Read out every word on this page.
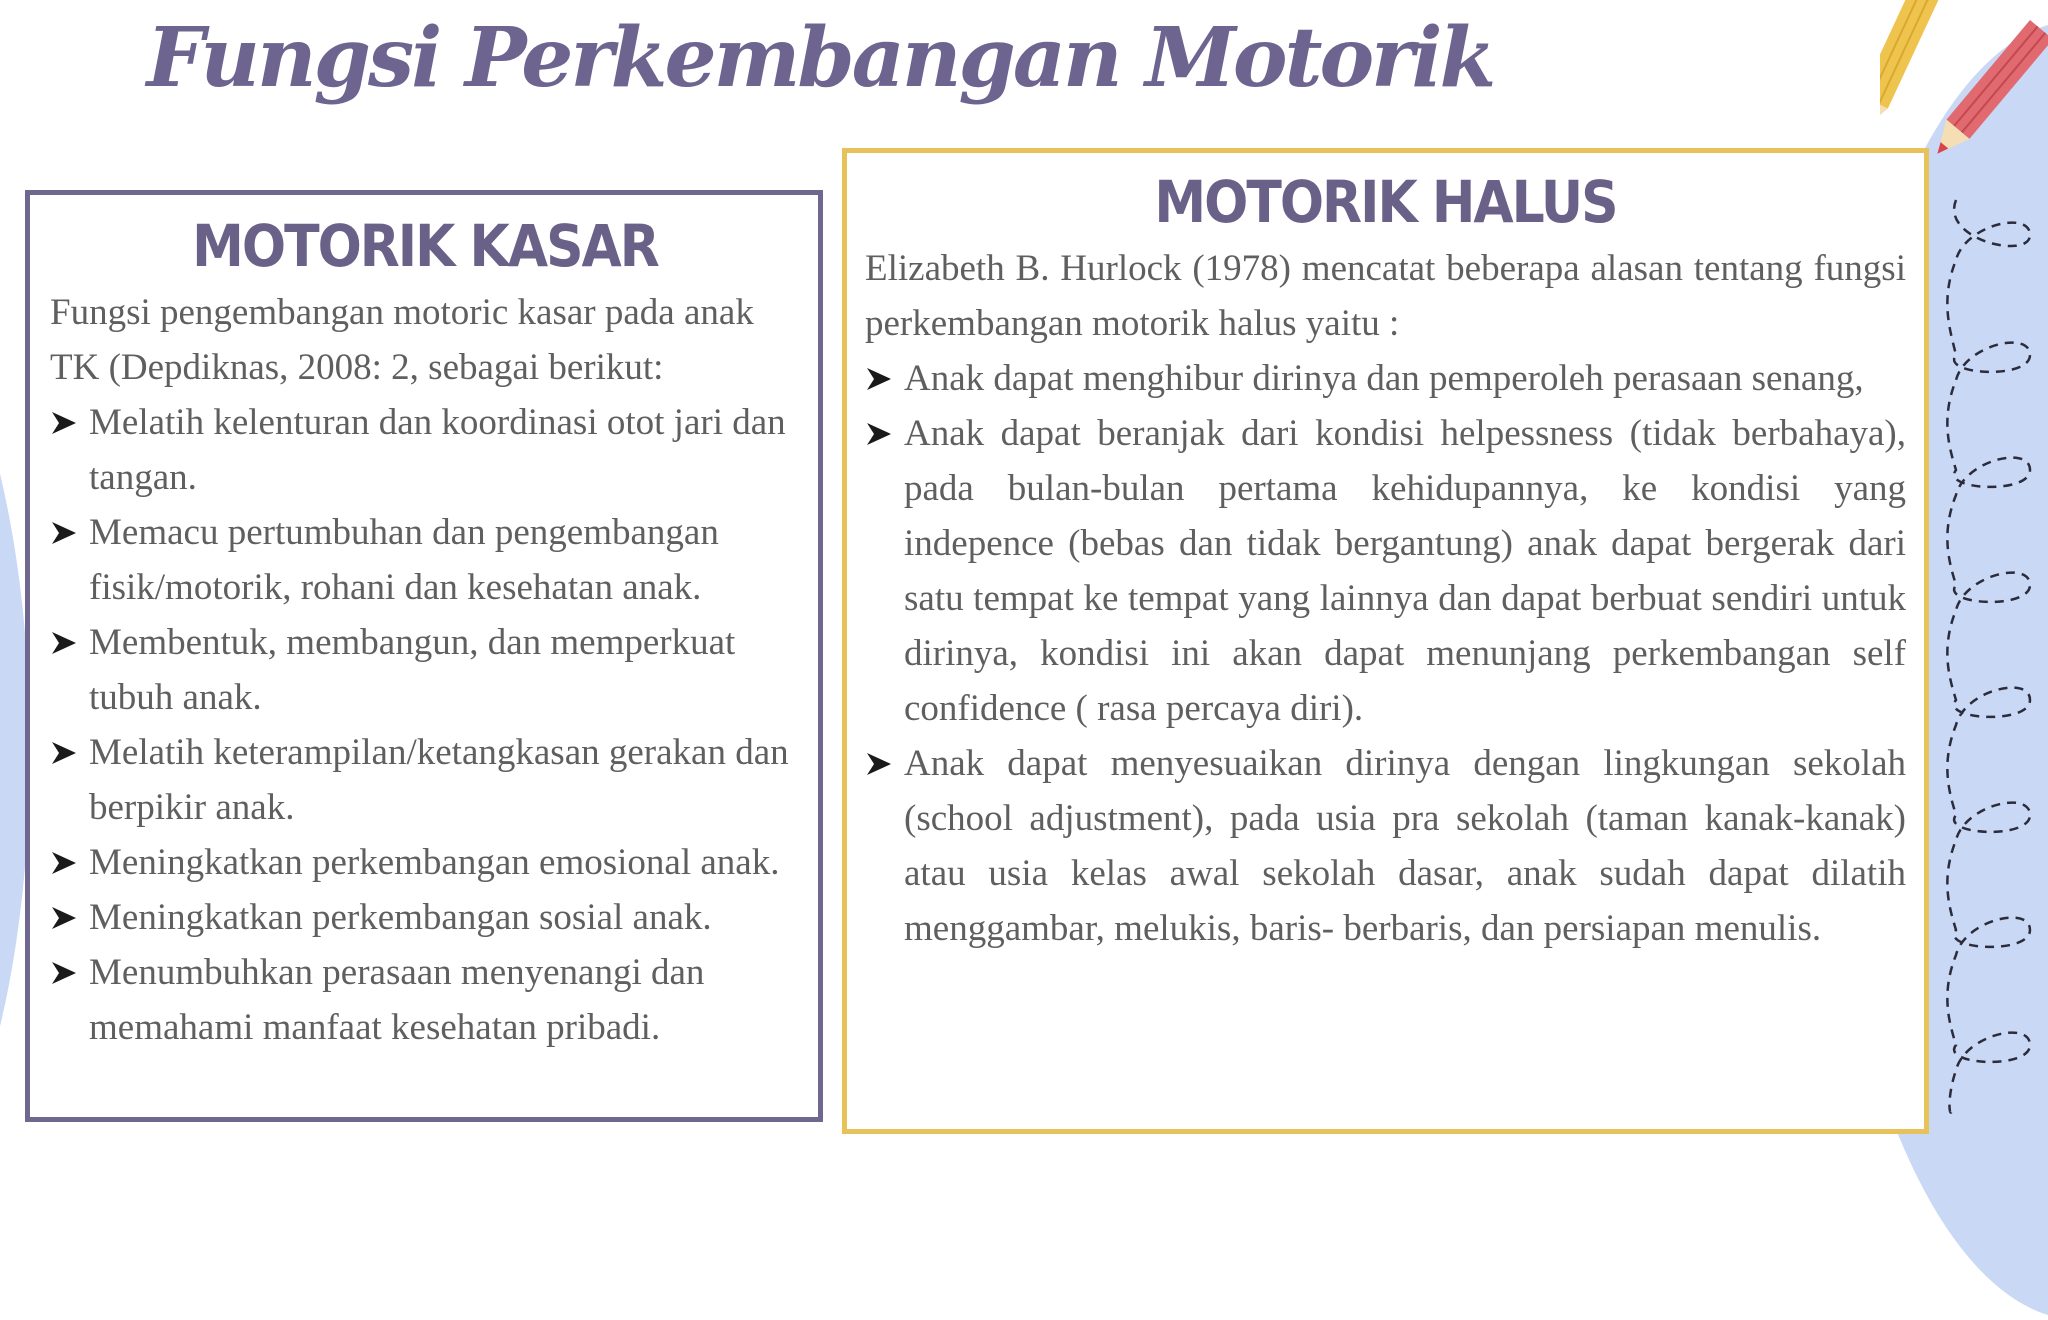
Fungsi Perkembangan Motorik
MOTORIK KASAR
Fungsi pengembangan motoric kasar pada anak TK (Depdiknas, 2008: 2, sebagai berikut:
Melatih kelenturan dan koordinasi otot jari dan tangan.
Memacu pertumbuhan dan pengembangan fisik/motorik, rohani dan kesehatan anak.
Membentuk, membangun, dan memperkuat tubuh anak.
Melatih keterampilan/ketangkasan gerakan dan berpikir anak.
Meningkatkan perkembangan emosional anak.
Meningkatkan perkembangan sosial anak.
Menumbuhkan perasaan menyenangi dan memahami manfaat kesehatan pribadi.
MOTORIK HALUS
Elizabeth B. Hurlock (1978) mencatat beberapa alasan tentang fungsi perkembangan motorik halus yaitu :
Anak dapat menghibur dirinya dan pemperoleh perasaan senang,
Anak dapat beranjak dari kondisi helpessness (tidak berbahaya), pada bulan-bulan pertama kehidupannya, ke kondisi yang indepence (bebas dan tidak bergantung) anak dapat bergerak dari satu tempat ke tempat yang lainnya dan dapat berbuat sendiri untuk dirinya, kondisi ini akan dapat menunjang perkembangan self confidence ( rasa percaya diri).
Anak dapat menyesuaikan dirinya dengan lingkungan sekolah (school adjustment), pada usia pra sekolah (taman kanak-kanak) atau usia kelas awal sekolah dasar, anak sudah dapat dilatih menggambar, melukis, baris- berbaris, dan persiapan menulis.
